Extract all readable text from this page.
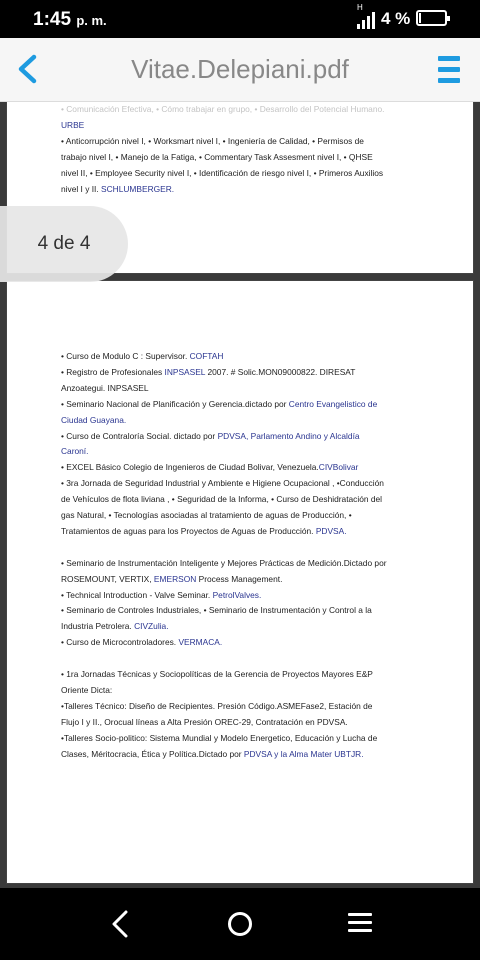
1:45 p. m.
H
4 %
Vitae.Delepiani.pdf
• Comunicación Efectiva, • Cómo trabajar en grupo, • Desarrollo del Potencial Humano.
URBE
• Anticorrupción nivel I, • Worksmart nivel I, • Ingeniería de Calidad, • Permisos de
trabajo nivel I, • Manejo de la Fatiga, • Commentary Task Assesment nivel I, • QHSE
nivel II, • Employee Security nivel I, • Identificación de riesgo nivel I, • Primeros Auxilios
nivel I y II. SCHLUMBERGER.
• Curso de Modulo C : Supervisor. COFTAH
• Registro de Profesionales INPSASEL 2007. # Solic.MON09000822. DIRESAT
Anzoategui. INPSASEL
• Seminario Nacional de Planificación y Gerencia.dictado por Centro Evangelistico de
Ciudad Guayana.
• Curso de Contraloría Social. dictado por PDVSA, Parlamento Andino y Alcaldía
Caroní.
• EXCEL Básico Colegio de Ingenieros de Ciudad Bolivar, Venezuela.CIVBolivar
• 3ra Jornada de Seguridad Industrial y Ambiente e Higiene Ocupacional , •Conducción
de Vehículos de flota liviana , • Seguridad de la Informa, • Curso de Deshidratación del
gas Natural, • Tecnologías asociadas al tratamiento de aguas de Producción, •
Tratamientos de aguas para los Proyectos de Aguas de Producción. PDVSA.
• Seminario de Instrumentación Inteligente y Mejores Prácticas de Medición.Dictado por
ROSEMOUNT, VERTIX, EMERSON Process Management.
• Technical Introduction - Valve Seminar. PetrolValves.
• Seminario de Controles Industriales, • Seminario de Instrumentación y Control a la
Industria Petrolera. CIVZulia.
• Curso de Microcontroladores. VERMACA.
• 1ra Jornadas Técnicas y Sociopolíticas de la Gerencia de Proyectos Mayores E&P
Oriente Dicta:
•Talleres Técnico: Diseño de Recipientes. Presión Código.ASMEFase2, Estación de
Flujo I y II., Orocual líneas a Alta Presión OREC-29, Contratación en PDVSA.
•Talleres Socio-politico: Sistema Mundial y Modelo Energetico, Educación y Lucha de
Clases, Méritocracia, Ética y Política.Dictado por PDVSA y la Alma Mater UBTJR.
4 de 4
